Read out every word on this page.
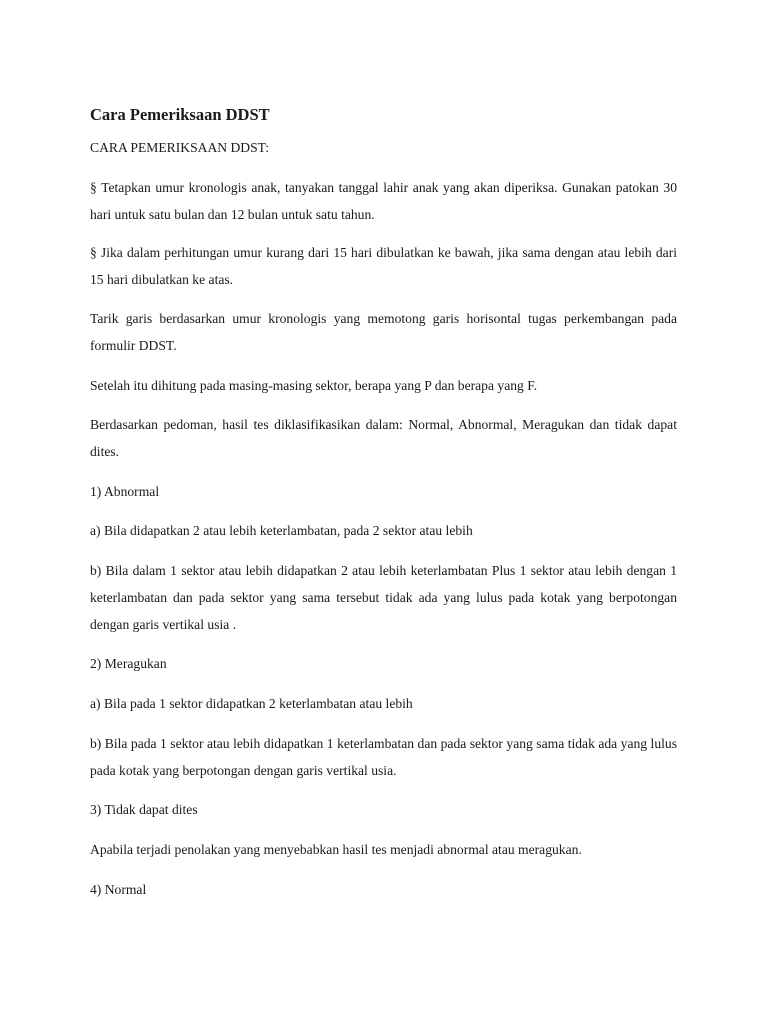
Cara Pemeriksaan DDST

CARA PEMERIKSAAN DDST:

§ Tetapkan umur kronologis anak, tanyakan tanggal lahir anak yang akan diperiksa. Gunakan patokan 30 hari untuk satu bulan dan 12 bulan untuk satu tahun.

§ Jika dalam perhitungan umur kurang dari 15 hari dibulatkan ke bawah, jika sama dengan atau lebih dari 15 hari dibulatkan ke atas.

Tarik garis berdasarkan umur kronologis yang memotong garis horisontal tugas perkembangan pada formulir DDST.

Setelah itu dihitung pada masing-masing sektor, berapa yang P dan berapa yang F.

Berdasarkan pedoman, hasil tes diklasifikasikan dalam: Normal, Abnormal, Meragukan dan tidak dapat dites.

1) Abnormal

a) Bila didapatkan 2 atau lebih keterlambatan, pada 2 sektor atau lebih

b) Bila dalam 1 sektor atau lebih didapatkan 2 atau lebih keterlambatan Plus 1 sektor atau lebih dengan 1 keterlambatan dan pada sektor yang sama tersebut tidak ada yang lulus pada kotak yang berpotongan dengan garis vertikal usia .

2) Meragukan

a) Bila pada 1 sektor didapatkan 2 keterlambatan atau lebih

b) Bila pada 1 sektor atau lebih didapatkan 1 keterlambatan dan pada sektor yang sama tidak ada yang lulus pada kotak yang berpotongan dengan garis vertikal usia.

3) Tidak dapat dites

Apabila terjadi penolakan yang menyebabkan hasil tes menjadi abnormal atau meragukan.

4) Normal
